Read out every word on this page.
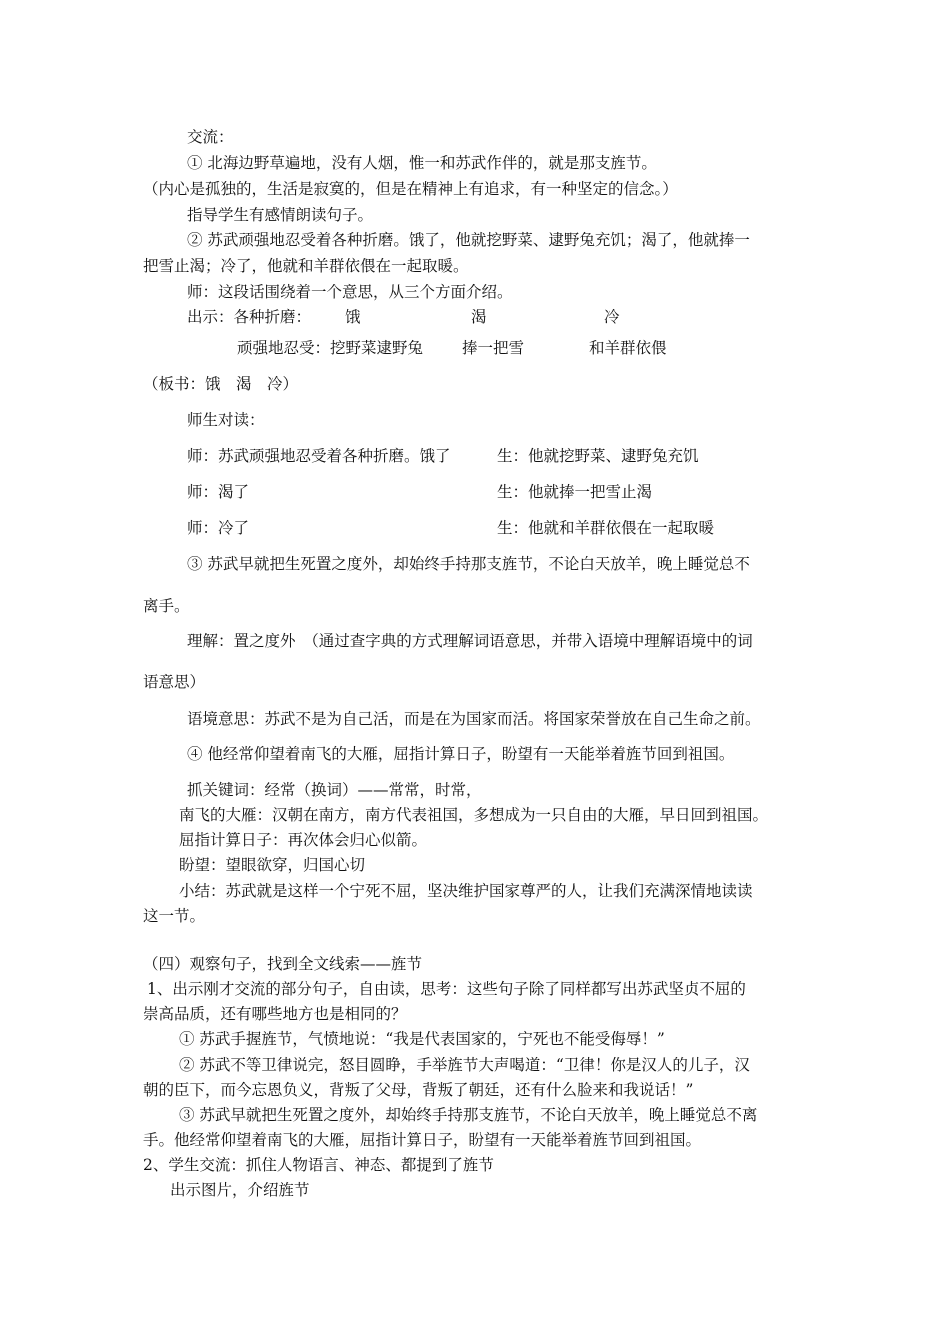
交流：
① 北海边野草遍地，没有人烟，惟一和苏武作伴的，就是那支旌节。
（内心是孤独的，生活是寂寞的，但是在精神上有追求，有一种坚定的信念。）
指导学生有感情朗读句子。
② 苏武顽强地忍受着各种折磨。饿了，他就挖野菜、逮野兔充饥；渴了，他就捧一
把雪止渴；冷了，他就和羊群依偎在一起取暖。
师：这段话围绕着一个意思，从三个方面介绍。
出示：各种折磨： 饿	渴	冷
顽强地忍受：挖野菜逮野兔	捧一把雪	和羊群依偎
（板书：饿　渴　冷）
师生对读：
师：苏武顽强地忍受着各种折磨。饿了	生：他就挖野菜、逮野兔充饥
师：渴了	生：他就捧一把雪止渴
师：冷了	生：他就和羊群依偎在一起取暖
③ 苏武早就把生死置之度外，却始终手持那支旌节，不论白天放羊，晚上睡觉总不
离手。
理解：置之度外　（通过查字典的方式理解词语意思，并带入语境中理解语境中的词
语意思）
语境意思：苏武不是为自己活，而是在为国家而活。将国家荣誉放在自己生命之前。
④ 他经常仰望着南飞的大雁，屈指计算日子，盼望有一天能举着旌节回到祖国。
抓关键词：经常（换词）——常常，时常，
南飞的大雁：汉朝在南方，南方代表祖国，多想成为一只自由的大雁，早日回到祖国。
屈指计算日子：再次体会归心似箭。
盼望：望眼欲穿，归国心切
小结：苏武就是这样一个宁死不屈，坚决维护国家尊严的人，让我们充满深情地读读
这一节。
（四）观察句子，找到全文线索——旌节
1、出示刚才交流的部分句子，自由读，思考：这些句子除了同样都写出苏武坚贞不屈的
崇高品质，还有哪些地方也是相同的？
① 苏武手握旌节，气愤地说：“我是代表国家的，宁死也不能受侮辱！”
② 苏武不等卫律说完，怒目圆睁，手举旌节大声喝道：“卫律！你是汉人的儿子，汉
朝的臣下，而今忘恩负义，背叛了父母，背叛了朝廷，还有什么脸来和我说话！”
③ 苏武早就把生死置之度外，却始终手持那支旌节，不论白天放羊，晚上睡觉总不离
手。他经常仰望着南飞的大雁，屈指计算日子，盼望有一天能举着旌节回到祖国。
2、学生交流：抓住人物语言、神态、都提到了旌节
出示图片，介绍旌节
